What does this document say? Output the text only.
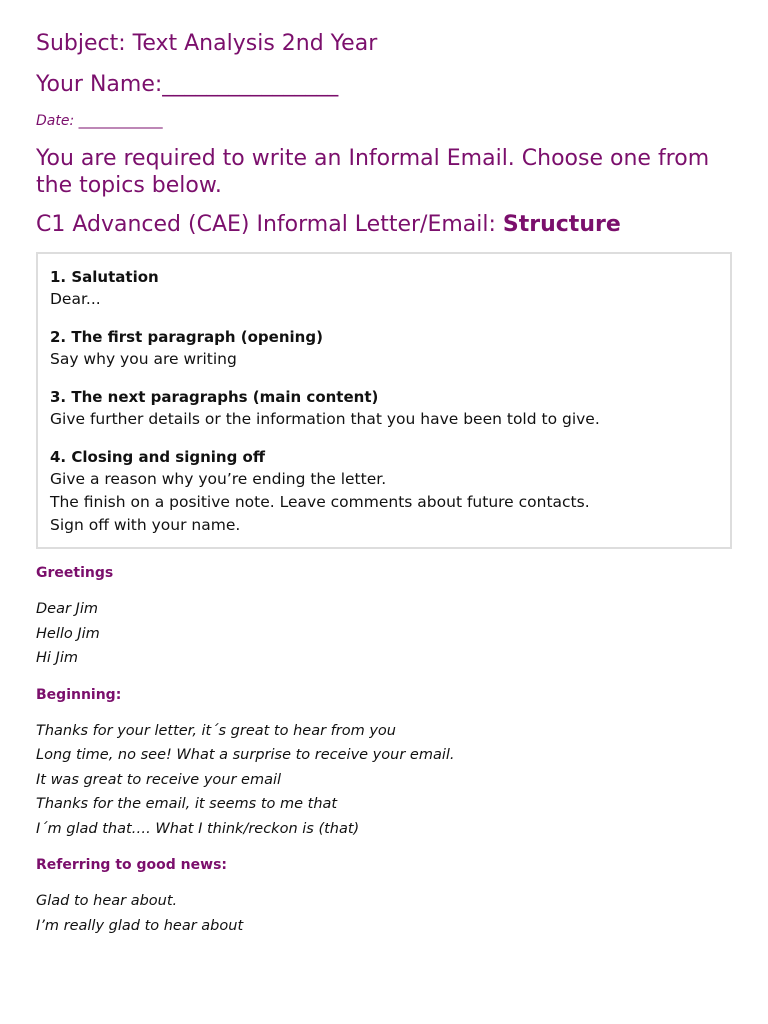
Subject: Text Analysis 2nd Year
Your Name:________________
Date: ____________
You are required to write an Informal Email. Choose one from the topics below.
C1 Advanced (CAE) Informal Letter/Email: Structure
1. Salutation
Dear...
2. The first paragraph (opening)
Say why you are writing
3. The next paragraphs (main content)
Give further details or the information that you have been told to give.
4. Closing and signing off
Give a reason why you’re ending the letter.
The finish on a positive note. Leave comments about future contacts.
Sign off with your name.
Greetings
Dear Jim
Hello Jim
Hi Jim
Beginning:
Thanks for your letter, it´s great to hear from you
Long time, no see! What a surprise to receive your email.
It was great to receive your email
Thanks for the email, it seems to me that
I´m glad that…. What I think/reckon is (that)
Referring to good news:
Glad to hear about.
I’m really glad to hear about
